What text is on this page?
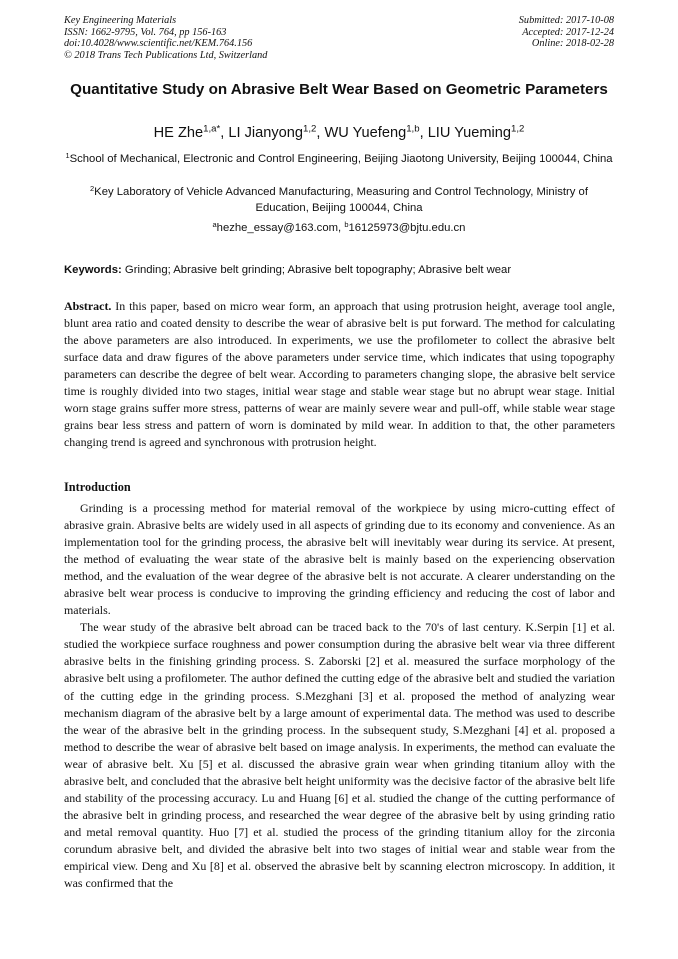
Key Engineering Materials
ISSN: 1662-9795, Vol. 764, pp 156-163
doi:10.4028/www.scientific.net/KEM.764.156
© 2018 Trans Tech Publications Ltd, Switzerland
Submitted: 2017-10-08
Accepted: 2017-12-24
Online: 2018-02-28
Quantitative Study on Abrasive Belt Wear Based on Geometric Parameters
HE Zhe$^{1,a*}$, LI Jianyong$^{1,2}$, WU Yuefeng$^{1,b}$, LIU Yueming$^{1,2}$
$^1$School of Mechanical, Electronic and Control Engineering, Beijing Jiaotong University, Beijing 100044, China
$^2$Key Laboratory of Vehicle Advanced Manufacturing, Measuring and Control Technology, Ministry of Education, Beijing 100044, China
$^a$hezhe_essay@163.com, $^b$16125973@bjtu.edu.cn
Keywords: Grinding; Abrasive belt grinding; Abrasive belt topography; Abrasive belt wear

Abstract. In this paper, based on micro wear form, an approach that using protrusion height, average tool angle, blunt area ratio and coated density to describe the wear of abrasive belt is put forward. The method for calculating the above parameters are also introduced. In experiments, we use the profilometer to collect the abrasive belt surface data and draw figures of the above parameters under service time, which indicates that using topography parameters can describe the degree of belt wear. According to parameters changing slope, the abrasive belt service time is roughly divided into two stages, initial wear stage and stable wear stage but no abrupt wear stage. Initial worn stage grains suffer more stress, patterns of wear are mainly severe wear and pull-off, while stable wear stage grains bear less stress and pattern of worn is dominated by mild wear. In addition to that, the other parameters changing trend is agreed and synchronous with protrusion height.

Introduction

Grinding is a processing method for material removal of the workpiece by using micro-cutting effect of abrasive grain. Abrasive belts are widely used in all aspects of grinding due to its economy and convenience. As an implementation tool for the grinding process, the abrasive belt will inevitably wear during its service. At present, the method of evaluating the wear state of the abrasive belt is mainly based on the experiencing observation method, and the evaluation of the wear degree of the abrasive belt is not accurate. A clearer understanding on the abrasive belt wear process is conducive to improving the grinding efficiency and reducing the cost of labor and materials.

The wear study of the abrasive belt abroad can be traced back to the 70's of last century. K.Serpin [1] et al. studied the workpiece surface roughness and power consumption during the abrasive belt wear via three different abrasive belts in the finishing grinding process. S. Zaborski [2] et al. measured the surface morphology of the abrasive belt using a profilometer. The author defined the cutting edge of the abrasive belt and studied the variation of the cutting edge in the grinding process. S.Mezghani [3] et al. proposed the method of analyzing wear mechanism diagram of the abrasive belt by a large amount of experimental data. The method was used to describe the wear of the abrasive belt in the grinding process. In the subsequent study, S.Mezghani [4] et al. proposed a method to describe the wear of abrasive belt based on image analysis. In experiments, the method can evaluate the wear of abrasive belt. Xu [5] et al. discussed the abrasive grain wear when grinding titanium alloy with the abrasive belt, and concluded that the abrasive belt height uniformity was the decisive factor of the abrasive belt life and stability of the processing accuracy. Lu and Huang [6] et al. studied the change of the cutting performance of the abrasive belt in grinding process, and researched the wear degree of the abrasive belt by using grinding ratio and metal removal quantity. Huo [7] et al. studied the process of the grinding titanium alloy for the zirconia corundum abrasive belt, and divided the abrasive belt into two stages of initial wear and stable wear from the empirical view. Deng and Xu [8] et al. observed the abrasive belt by scanning electron microscopy. In addition, it was confirmed that the
